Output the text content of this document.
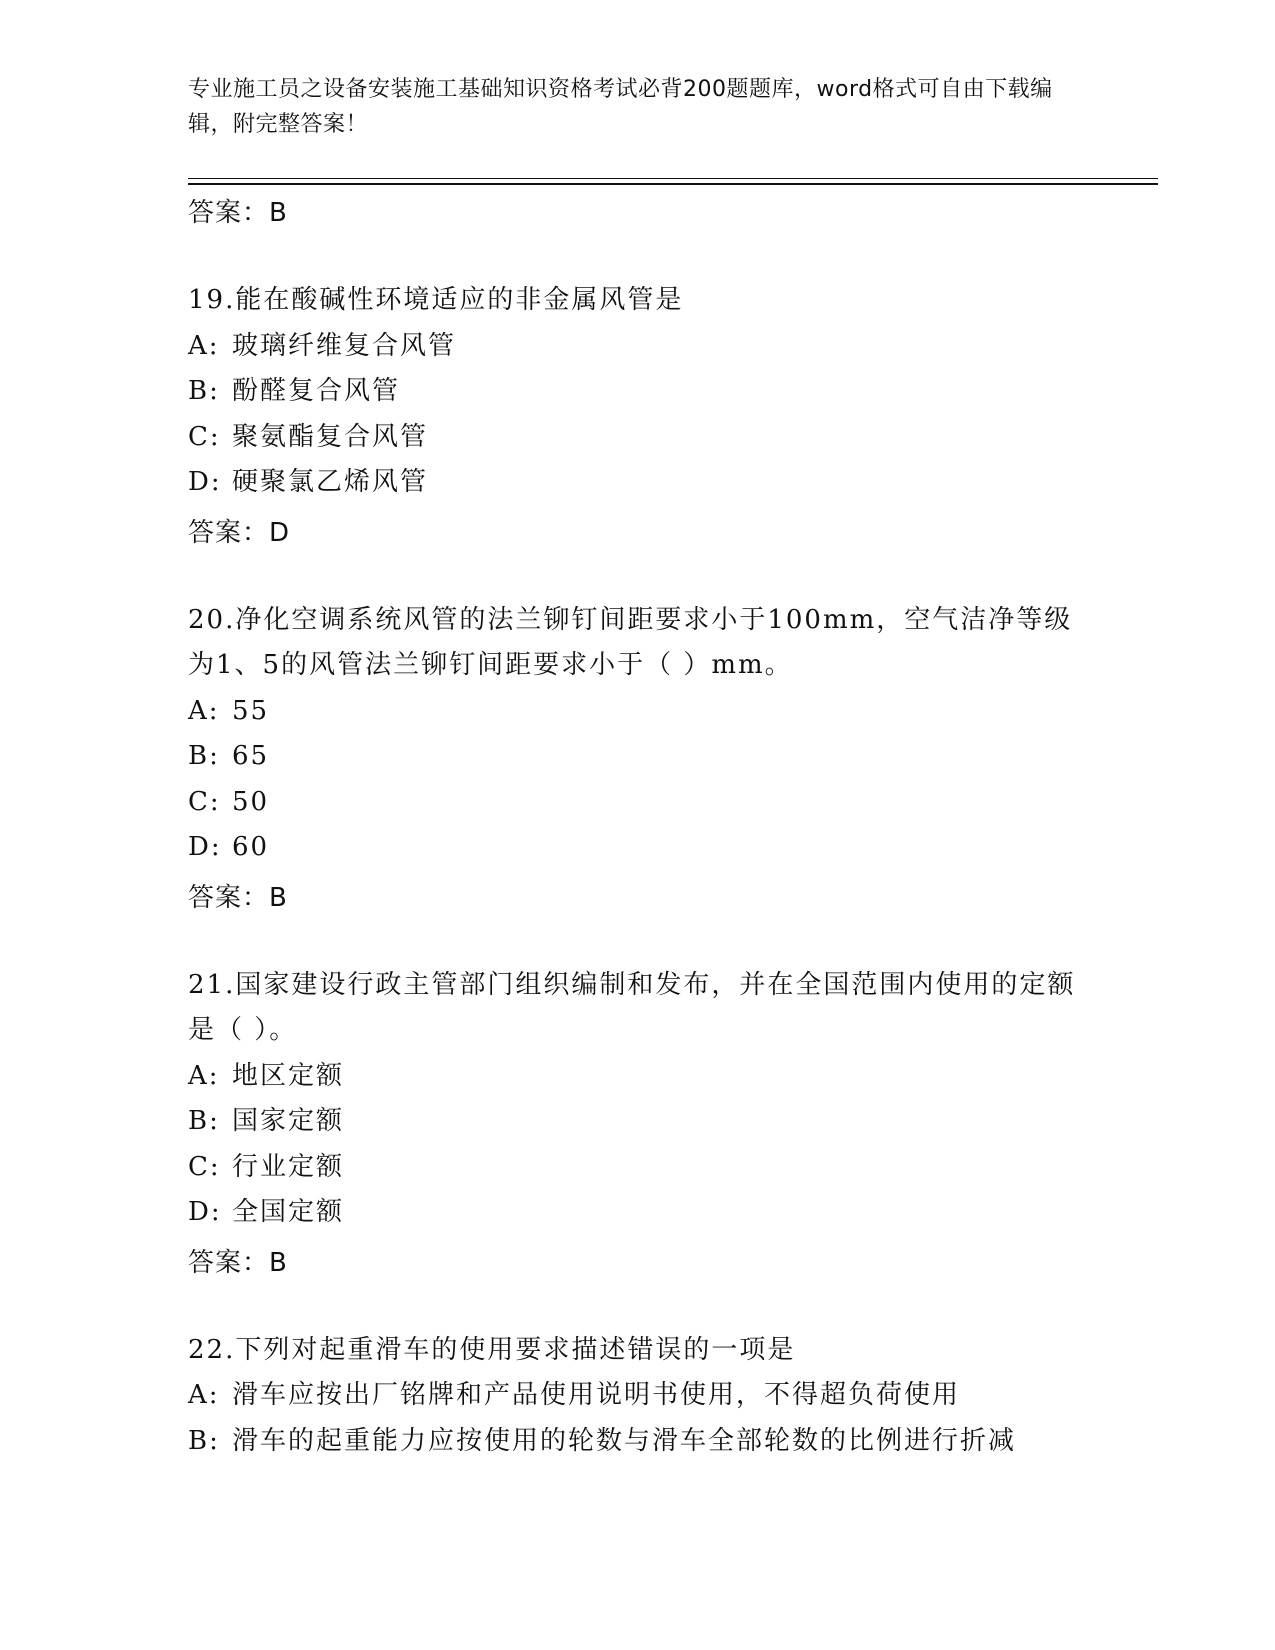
专业施工员之设备安装施工基础知识资格考试必背200题题库，word格式可自由下载编辑，附完整答案！
答案：B
19.能在酸碱性环境适应的非金属风管是
A: 玻璃纤维复合风管
B: 酚醛复合风管
C: 聚氨酯复合风管
D: 硬聚氯乙烯风管
答案：D
20.净化空调系统风管的法兰铆钉间距要求小于100mm，空气洁净等级为1、5的风管法兰铆钉间距要求小于（ ）mm。
A: 55
B: 65
C: 50
D: 60
答案：B
21.国家建设行政主管部门组织编制和发布，并在全国范围内使用的定额是（ ）。
A: 地区定额
B: 国家定额
C: 行业定额
D: 全国定额
答案：B
22.下列对起重滑车的使用要求描述错误的一项是
A: 滑车应按出厂铭牌和产品使用说明书使用，不得超负荷使用
B: 滑车的起重能力应按使用的轮数与滑车全部轮数的比例进行折减
